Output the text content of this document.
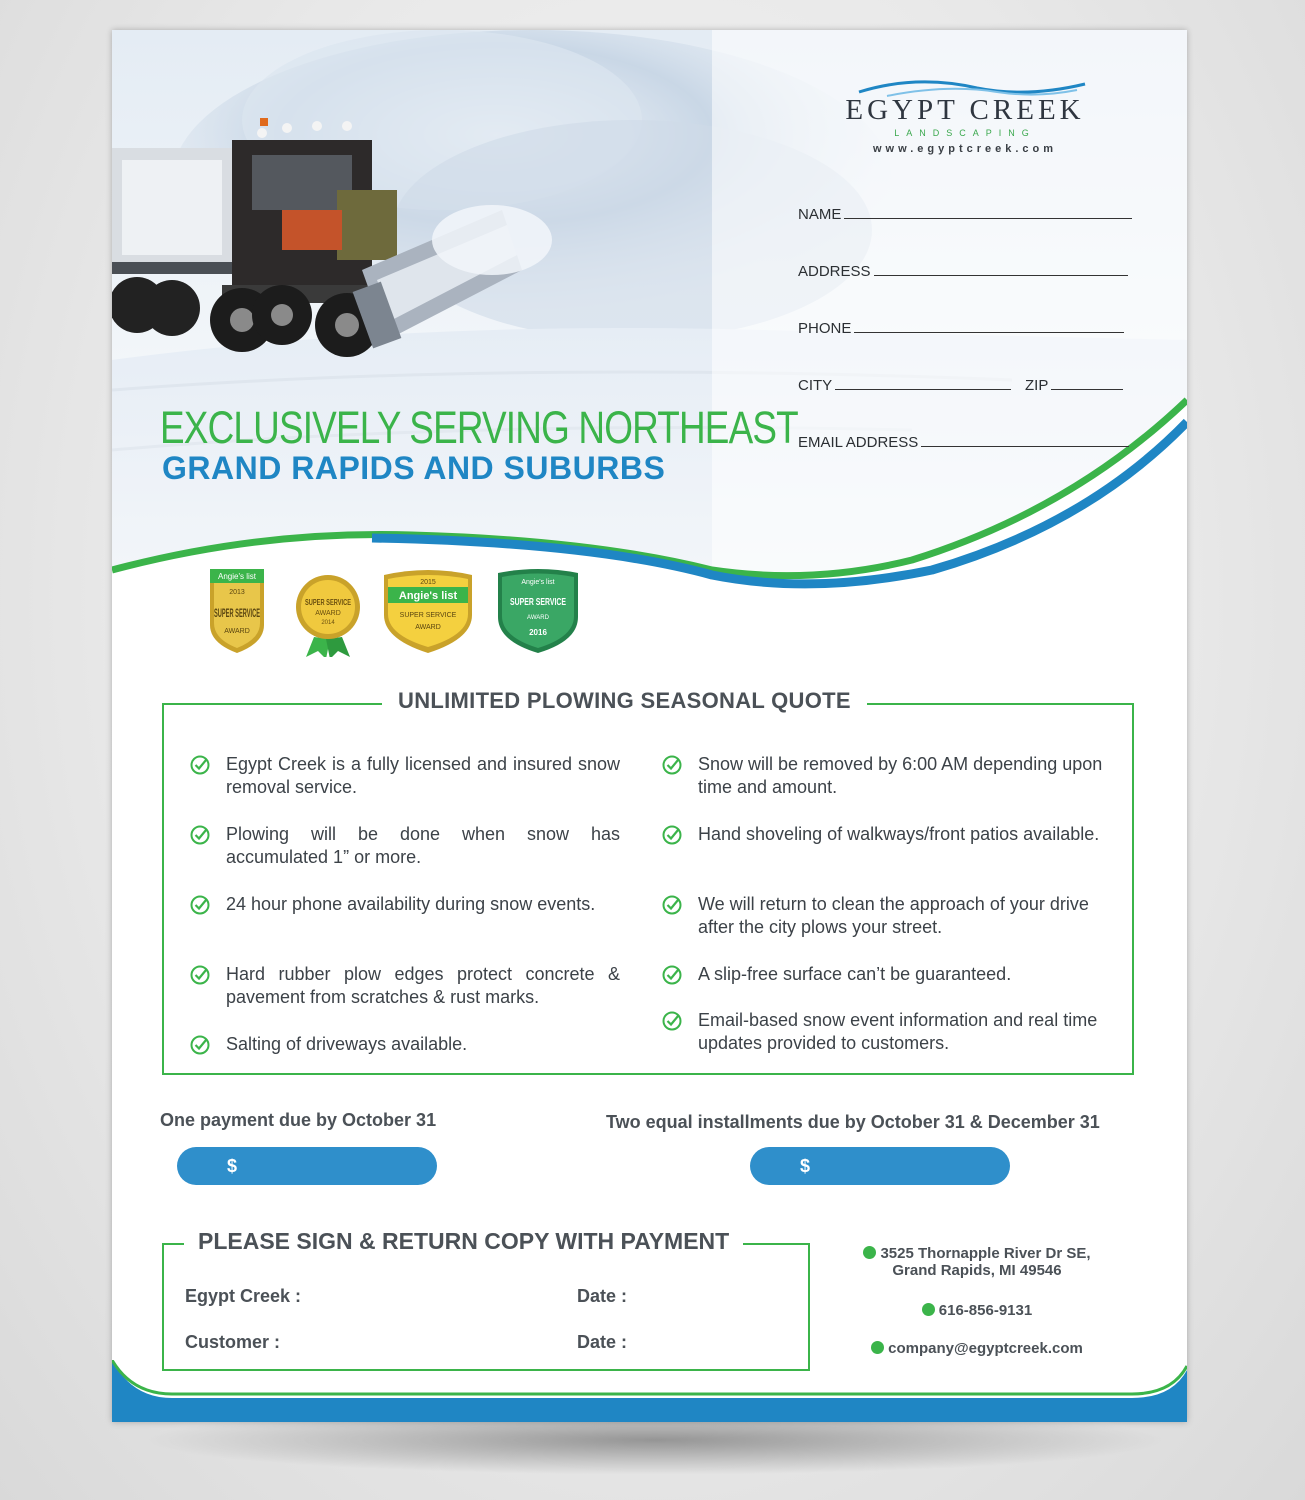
EGYPT CREEK
LANDSCAPING
www.egyptcreek.com
NAME
ADDRESS
PHONE
CITY	ZIP
EMAIL ADDRESS
EXCLUSIVELY SERVING NORTHEAST
GRAND RAPIDS AND SUBURBS
Angie's list
2013
SUPER SERVICE
AWARD
SUPER SERVICE
AWARD
2014
2015
Angie's list
SUPER SERVICE
AWARD
Angie's list
SUPER SERVICE
AWARD
2016
UNLIMITED PLOWING SEASONAL QUOTE
Egypt Creek is a fully licensed and insured snow removal service.
Plowing will be done when snow has accumulated 1” or more.
24 hour phone availability during snow events.
Hard rubber plow edges protect concrete & pavement from scratches & rust marks.
Salting of driveways available.
Snow will be removed by 6:00 AM depending upon time and amount.
Hand shoveling of walkways/front patios available.
We will return to clean the approach of your drive after the city plows your street.
A slip-free surface can’t be guaranteed.
Email-based snow event information and real time updates provided to customers.
One payment due by October 31	Two equal installments due by October 31 & December 31
$	$
PLEASE SIGN & RETURN COPY WITH PAYMENT
Egypt Creek :	Date :
Customer :	Date :
3525 Thornapple River Dr SE,
Grand Rapids, MI 49546
616-856-9131
company@egyptcreek.com
